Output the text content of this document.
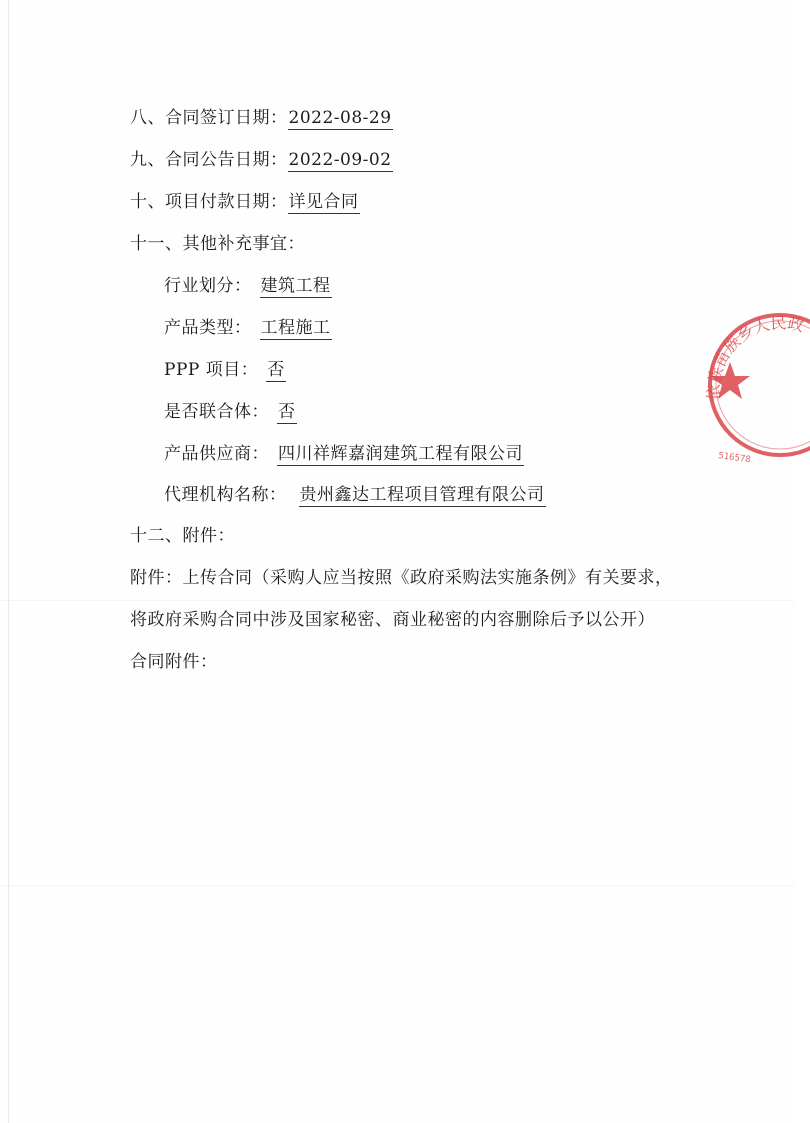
八、合同签订日期：2022-08-29
九、合同公告日期：2022-09-02
十、项目付款日期：详见合同
十一、其他补充事宜：
行业划分： 建筑工程
产品类型： 工程施工
PPP 项目： 否
是否联合体： 否
产品供应商： 四川祥辉嘉润建筑工程有限公司
代理机构名称： 贵州鑫达工程项目管理有限公司
十二、附件：
附件：上传合同（采购人应当按照《政府采购法实施条例》有关要求，
将政府采购合同中涉及国家秘密、商业秘密的内容删除后予以公开）
合同附件：
依族苗族乡人民政府
516578
